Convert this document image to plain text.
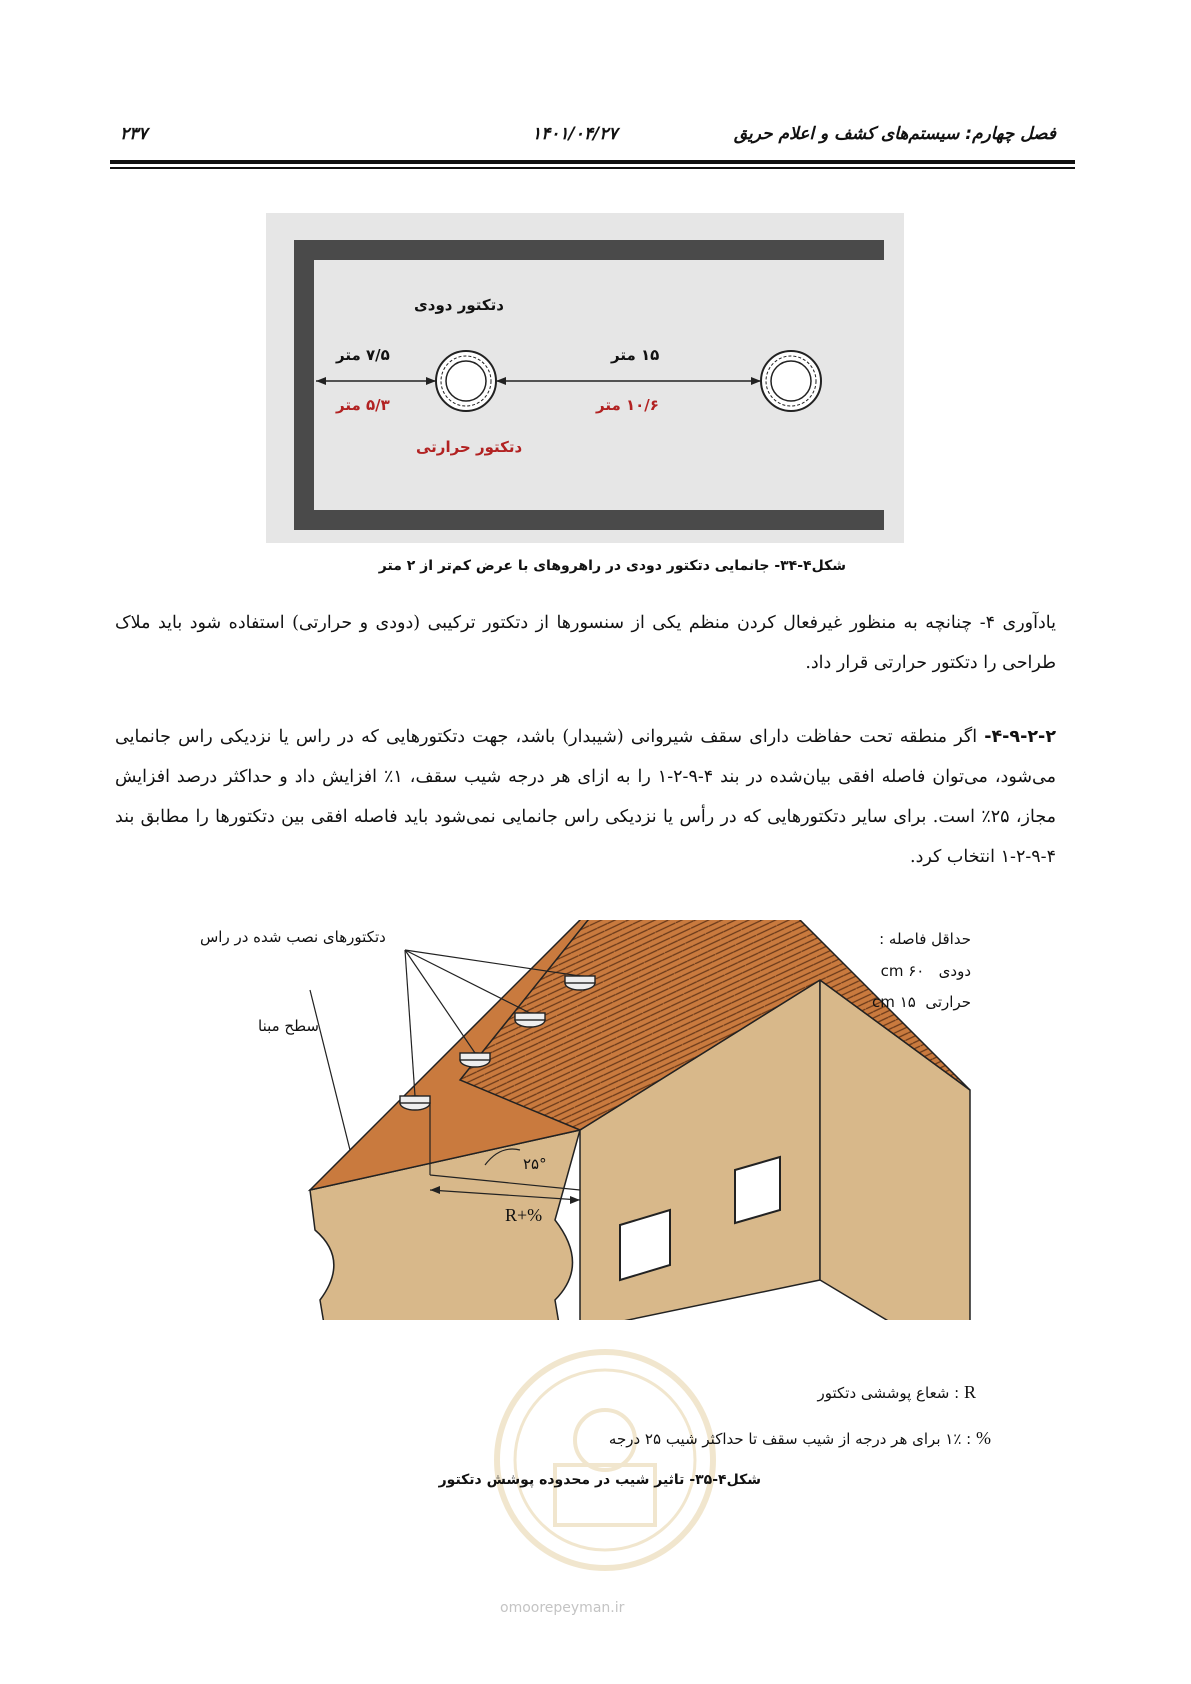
۲۳۷	۱۴۰۱/۰۴/۲۷	فصل چهارم: سیستم‌های کشف و اعلام حریق
دتکتور دودی
۷/۵ متر
۵/۳ متر
۱۵ متر
۱۰/۶ متر
دتکتور حرارتی
شکل۴-۳۴- جانمایی دتکتور دودی در راهروهای با عرض کم‌تر از ۲ متر
یادآوری ۴- چنانچه به منظور غیرفعال کردن منظم یکی از سنسورها از دتکتور ترکیبی (دودی و حرارتی) استفاده شود باید ملاک طراحی را دتکتور حرارتی قرار داد.
۴-۹-۲-۲- اگر منطقه تحت حفاظت دارای سقف شیروانی (شیبدار) باشد، جهت دتکتورهایی که در راس یا نزدیکی راس جانمایی می‌شود، می‌توان فاصله افقی بیان‌شده در بند ۴-۹-۲-۱ را به ازای هر درجه شیب سقف، ۱٪ افزایش داد و حداکثر درصد افزایش مجاز، ۲۵٪ است. برای سایر دتکتورهایی که در رأس یا نزدیکی راس جانمایی نمی‌شود باید فاصله افقی بین دتکتورها را مطابق بند ۴-۹-۲-۱ انتخاب کرد.
دتکتورهای نصب شده در راس
سطح مبنا
۲۵°
R+%
حداقل فاصله :
دودی   ۶۰ cm
حرارتی  ۱۵ cm
R : شعاع پوششی دتکتور
% : ۱٪ برای هر درجه از شیب سقف تا حداکثر شیب ۲۵ درجه
شکل۴-۳۵- تاثیر شیب در محدوده پوشش دتکتور
omoorepeyman.ir
